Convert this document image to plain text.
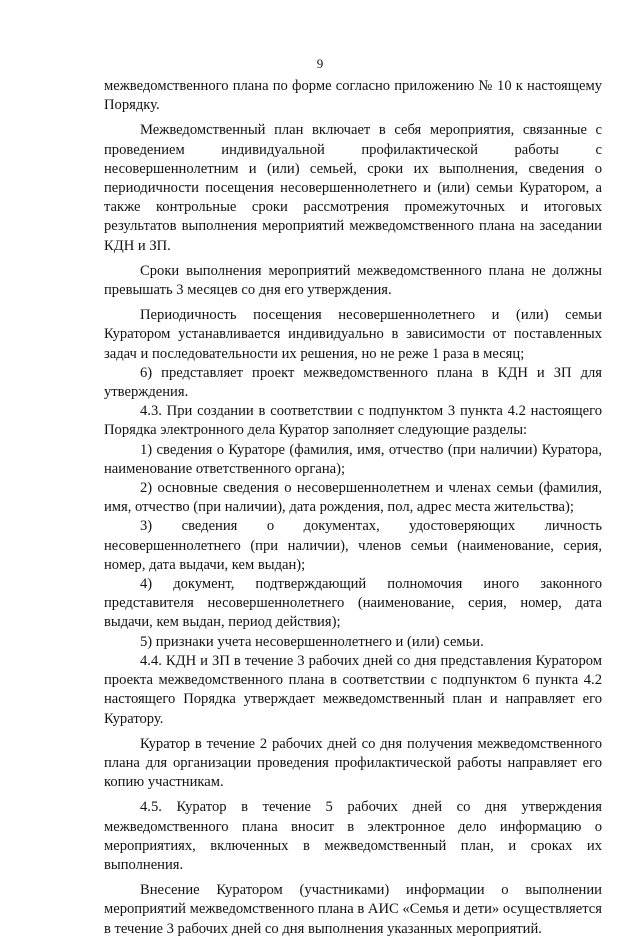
9

межведомственного плана по форме согласно приложению № 10 к настоящему Порядку.

Межведомственный план включает в себя мероприятия, связанные с проведением индивидуальной профилактической работы с несовершеннолетним и (или) семьей, сроки их выполнения, сведения о периодичности посещения несовершеннолетнего и (или) семьи Куратором, а также контрольные сроки рассмотрения промежуточных и итоговых результатов выполнения мероприятий межведомственного плана на заседании КДН и ЗП.

Сроки выполнения мероприятий межведомственного плана не должны превышать 3 месяцев со дня его утверждения.

Периодичность посещения несовершеннолетнего и (или) семьи Куратором устанавливается индивидуально в зависимости от поставленных задач и последовательности их решения, но не реже 1 раза в месяц;

6) представляет проект межведомственного плана в КДН и ЗП для утверждения.

4.3. При создании в соответствии с подпунктом 3 пункта 4.2 настоящего Порядка электронного дела Куратор заполняет следующие разделы:

1) сведения о Кураторе (фамилия, имя, отчество (при наличии) Куратора, наименование ответственного органа);

2) основные сведения о несовершеннолетнем и членах семьи (фамилия, имя, отчество (при наличии), дата рождения, пол, адрес места жительства);

3) сведения о документах, удостоверяющих личность несовершеннолетнего (при наличии), членов семьи (наименование, серия, номер, дата выдачи, кем выдан);

4) документ, подтверждающий полномочия иного законного представителя несовершеннолетнего (наименование, серия, номер, дата выдачи, кем выдан, период действия);

5) признаки учета несовершеннолетнего и (или) семьи.

4.4. КДН и ЗП в течение 3 рабочих дней со дня представления Куратором проекта межведомственного плана в соответствии с подпунктом 6 пункта 4.2 настоящего Порядка утверждает межведомственный план и направляет его Куратору.

Куратор в течение 2 рабочих дней со дня получения межведомственного плана для организации проведения профилактической работы направляет его копию участникам.

4.5. Куратор в течение 5 рабочих дней со дня утверждения межведомственного плана вносит в электронное дело информацию о мероприятиях, включенных в межведомственный план, и сроках их выполнения.

Внесение Куратором (участниками) информации о выполнении мероприятий межведомственного плана в АИС «Семья и дети» осуществляется в течение 3 рабочих дней со дня выполнения указанных мероприятий.
